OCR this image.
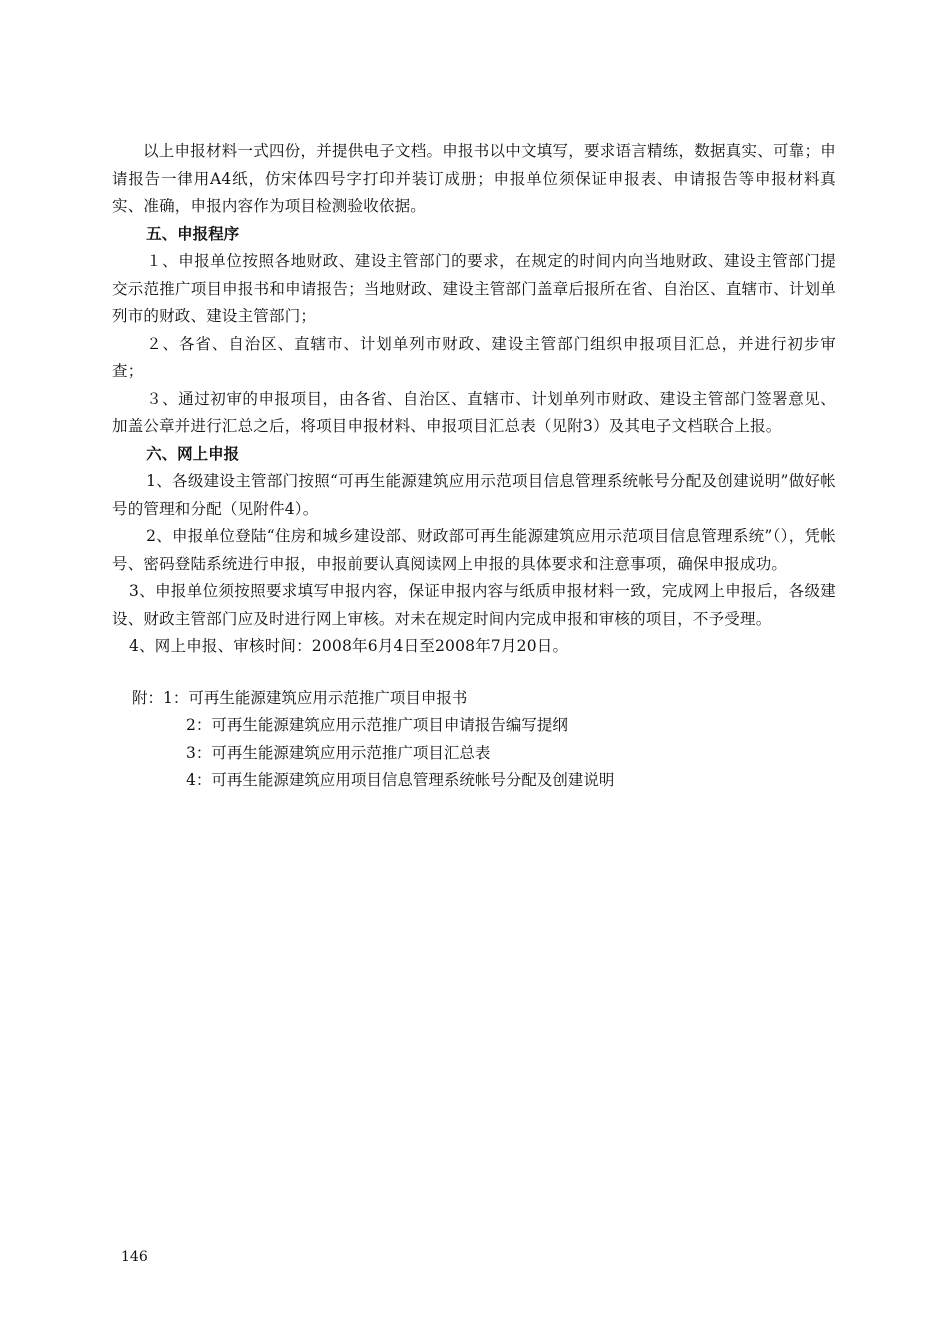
以上申报材料一式四份，并提供电子文档。申报书以中文填写，要求语言精练，数据真实、可靠；申请报告一律用A4纸，仿宋体四号字打印并装订成册；申报单位须保证申报表、申请报告等申报材料真实、准确，申报内容作为项目检测验收依据。

五、申报程序

１、申报单位按照各地财政、建设主管部门的要求，在规定的时间内向当地财政、建设主管部门提交示范推广项目申报书和申请报告；当地财政、建设主管部门盖章后报所在省、自治区、直辖市、计划单列市的财政、建设主管部门；

２、各省、自治区、直辖市、计划单列市财政、建设主管部门组织申报项目汇总，并进行初步审查；

３、通过初审的申报项目，由各省、自治区、直辖市、计划单列市财政、建设主管部门签署意见、加盖公章并进行汇总之后，将项目申报材料、申报项目汇总表（见附3）及其电子文档联合上报。

六、网上申报

1、各级建设主管部门按照“可再生能源建筑应用示范项目信息管理系统帐号分配及创建说明”做好帐号的管理和分配（见附件4）。

2、申报单位登陆“住房和城乡建设部、财政部可再生能源建筑应用示范项目信息管理系统”（），凭帐号、密码登陆系统进行申报，申报前要认真阅读网上申报的具体要求和注意事项，确保申报成功。

3、申报单位须按照要求填写申报内容，保证申报内容与纸质申报材料一致，完成网上申报后，各级建设、财政主管部门应及时进行网上审核。对未在规定时间内完成申报和审核的项目，不予受理。

4、网上申报、审核时间：2008年6月4日至2008年7月20日。

附： 1：可再生能源建筑应用示范推广项目申报书
2：可再生能源建筑应用示范推广项目申请报告编写提纲
3：可再生能源建筑应用示范推广项目汇总表
4：可再生能源建筑应用项目信息管理系统帐号分配及创建说明
146
